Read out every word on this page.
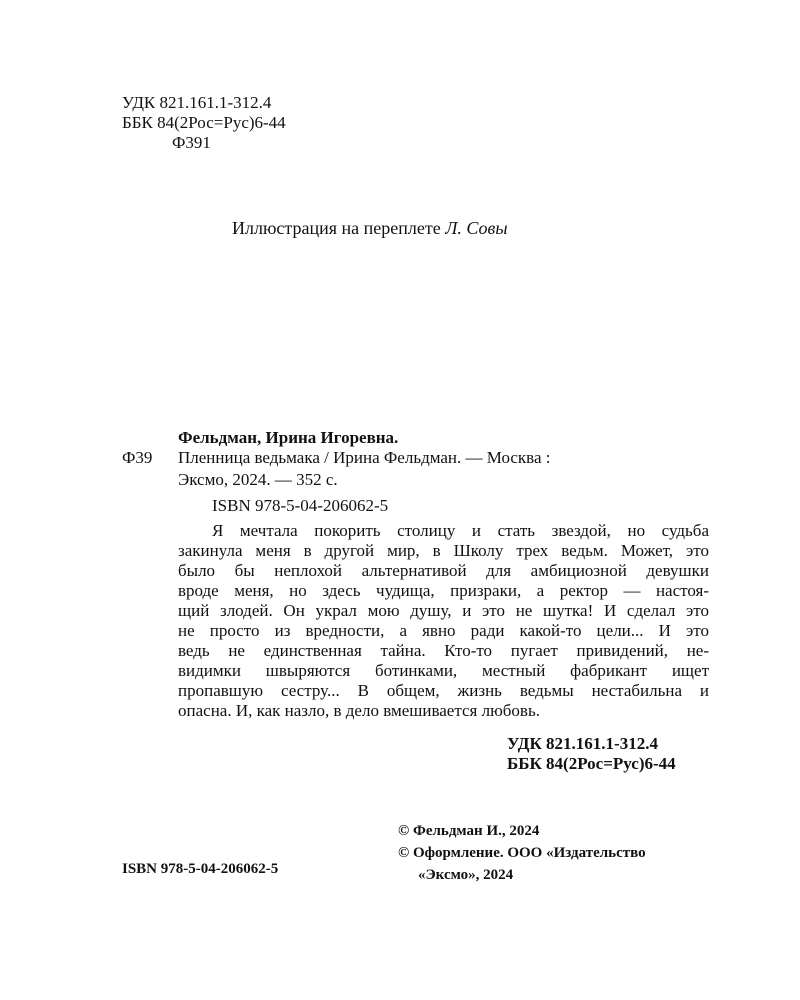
УДК 821.161.1-312.4
ББК 84(2Рос=Рус)6-44
Ф391
Иллюстрация на переплете Л. Совы
Фельдман, Ирина Игоревна.
Ф39 Пленница ведьмака / Ирина Фельдман. — Москва :
Эксмо, 2024. — 352 с.
ISBN 978-5-04-206062-5
Я мечтала покорить столицу и стать звездой, но судьба
закинула меня в другой мир, в Школу трех ведьм. Может, это
было бы неплохой альтернативой для амбициозной девушки
вроде меня, но здесь чудища, призраки, а ректор — настоя-
щий злодей. Он украл мою душу, и это не шутка! И сделал это
не просто из вредности, а явно ради какой-то цели... И это
ведь не единственная тайна. Кто-то пугает привидений, не-
видимки швыряются ботинками, местный фабрикант ищет
пропавшую сестру... В общем, жизнь ведьмы нестабильна и
опасна. И, как назло, в дело вмешивается любовь.
УДК 821.161.1-312.4
ББК 84(2Рос=Рус)6-44
© Фельдман И., 2024
© Оформление. ООО «Издательство
«Эксмо», 2024
ISBN 978-5-04-206062-5
